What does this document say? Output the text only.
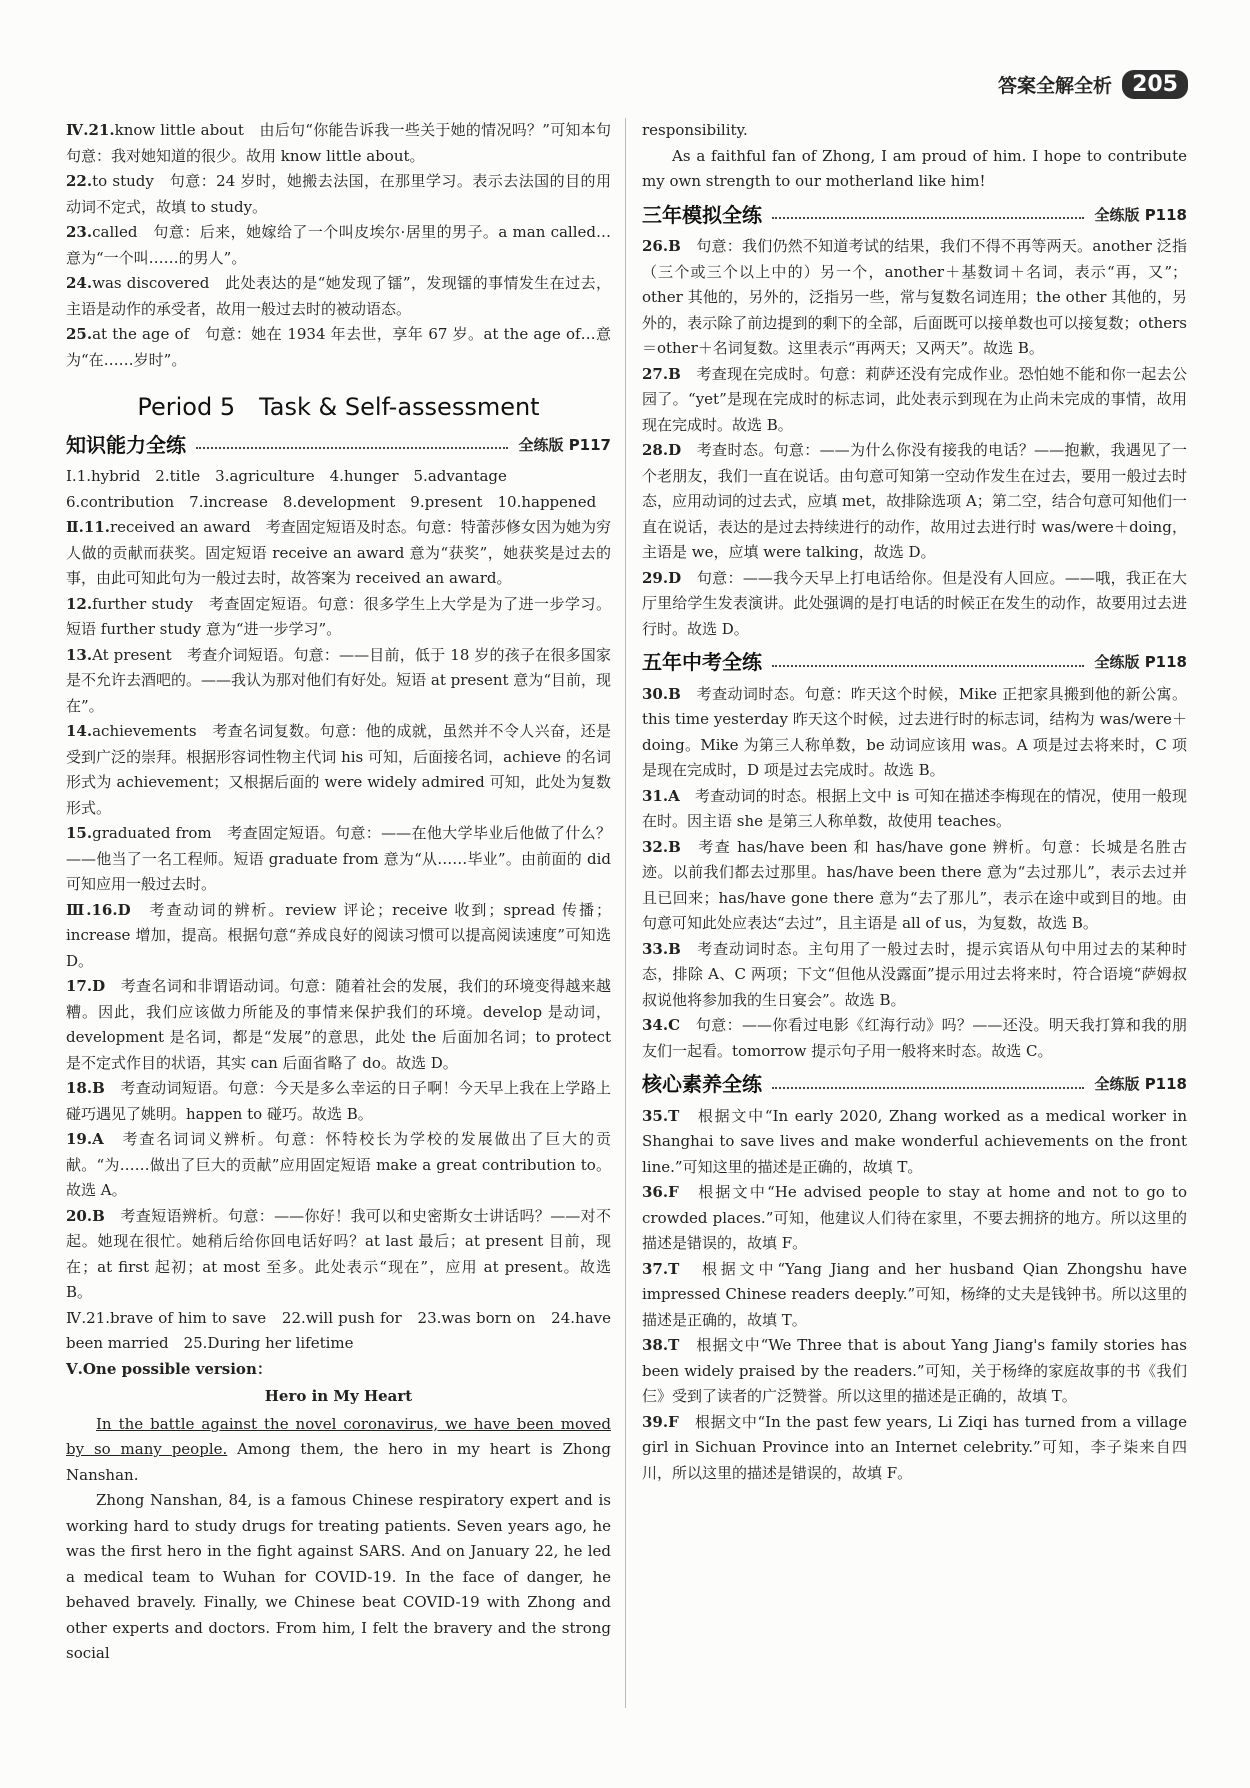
答案全解全析 205

Ⅳ.21.know little about　由后句“你能告诉我一些关于她的情况吗？”可知本句句意：我对她知道的很少。故用 know little about。

22.to study　句意：24 岁时，她搬去法国，在那里学习。表示去法国的目的用动词不定式，故填 to study。

23.called　句意：后来，她嫁给了一个叫皮埃尔·居里的男子。a man called…意为“一个叫……的男人”。

24.was discovered　此处表达的是“她发现了镭”，发现镭的事情发生在过去，主语是动作的承受者，故用一般过去时的被动语态。

25.at the age of　句意：她在 1934 年去世，享年 67 岁。at the age of…意为“在……岁时”。

Period 5　Task & Self-assessment
知识能力全练	全练版 P117

Ⅰ.1.hybrid　2.title　3.agriculture　4.hunger　5.advantage

6.contribution　7.increase　8.development　9.present　10.happened

Ⅱ.11.received an award　考查固定短语及时态。句意：特蕾莎修女因为她为穷人做的贡献而获奖。固定短语 receive an award 意为“获奖”，她获奖是过去的事，由此可知此句为一般过去时，故答案为 received an award。

12.further study　考查固定短语。句意：很多学生上大学是为了进一步学习。短语 further study 意为“进一步学习”。

13.At present　考查介词短语。句意：——目前，低于 18 岁的孩子在很多国家是不允许去酒吧的。——我认为那对他们有好处。短语 at present 意为“目前，现在”。

14.achievements　考查名词复数。句意：他的成就，虽然并不令人兴奋，还是受到广泛的崇拜。根据形容词性物主代词 his 可知，后面接名词，achieve 的名词形式为 achievement；又根据后面的 were widely admired 可知，此处为复数形式。

15.graduated from　考查固定短语。句意：——在他大学毕业后他做了什么？——他当了一名工程师。短语 graduate from 意为“从……毕业”。由前面的 did 可知应用一般过去时。

Ⅲ.16.D　 考查动词的辨析。review 评论；receive 收到；spread 传播；increase 增加，提高。根据句意“养成良好的阅读习惯可以提高阅读速度”可知选 D。

17.D　 考查名词和非谓语动词。句意：随着社会的发展，我们的环境变得越来越糟。因此，我们应该做力所能及的事情来保护我们的环境。develop 是动词，development 是名词，都是“发展”的意思，此处 the 后面加名词；to protect 是不定式作目的状语，其实 can 后面省略了 do。故选 D。

18.B　 考查动词短语。句意：今天是多么幸运的日子啊！今天早上我在上学路上碰巧遇见了姚明。happen to 碰巧。故选 B。

19.A　 考查名词词义辨析。句意：怀特校长为学校的发展做出了巨大的贡献。“为……做出了巨大的贡献”应用固定短语 make a great contribution to。故选 A。

20.B　 考查短语辨析。句意：——你好！我可以和史密斯女士讲话吗？——对不起。她现在很忙。她稍后给你回电话好吗？at last 最后；at present 目前，现在；at first 起初；at most 至多。此处表示“现在”，应用 at present。故选 B。

Ⅳ.21.brave of him to save　22.will push for　23.was born on　24.have been married　25.During her lifetime

Ⅴ.One possible version：

Hero in My Heart

In the battle against the novel coronavirus, we have been moved by so many people. Among them, the hero in my heart is Zhong Nanshan.

Zhong Nanshan, 84, is a famous Chinese respiratory expert and is working hard to study drugs for treating patients. Seven years ago, he was the first hero in the fight against SARS. And on January 22, he led a medical team to Wuhan for COVID-19. In the face of danger, he behaved bravely. Finally, we Chinese beat COVID-19 with Zhong and other experts and doctors. From him, I felt the bravery and the strong social

responsibility.

As a faithful fan of Zhong, I am proud of him. I hope to contribute my own strength to our motherland like him!

三年模拟全练	全练版 P118

26.B　 句意：我们仍然不知道考试的结果，我们不得不再等两天。another 泛指（三个或三个以上中的）另一个，another＋基数词＋名词，表示“再，又”；other 其他的，另外的，泛指另一些，常与复数名词连用；the other 其他的，另外的，表示除了前边提到的剩下的全部，后面既可以接单数也可以接复数；others＝other＋名词复数。这里表示“再两天；又两天”。故选 B。

27.B　 考查现在完成时。句意：莉萨还没有完成作业。恐怕她不能和你一起去公园了。“yet”是现在完成时的标志词，此处表示到现在为止尚未完成的事情，故用现在完成时。故选 B。

28.D　 考查时态。句意：——为什么你没有接我的电话？——抱歉，我遇见了一个老朋友，我们一直在说话。由句意可知第一空动作发生在过去，要用一般过去时态，应用动词的过去式，应填 met，故排除选项 A；第二空，结合句意可知他们一直在说话，表达的是过去持续进行的动作，故用过去进行时 was/were＋doing，主语是 we，应填 were talking，故选 D。

29.D　 句意：——我今天早上打电话给你。但是没有人回应。——哦，我正在大厅里给学生发表演讲。此处强调的是打电话的时候正在发生的动作，故要用过去进行时。故选 D。

五年中考全练	全练版 P118

30.B　 考查动词时态。句意：昨天这个时候，Mike 正把家具搬到他的新公寓。this time yesterday 昨天这个时候，过去进行时的标志词，结构为 was/were＋doing。Mike 为第三人称单数，be 动词应该用 was。A 项是过去将来时，C 项是现在完成时，D 项是过去完成时。故选 B。

31.A　 考查动词的时态。根据上文中 is 可知在描述李梅现在的情况，使用一般现在时。因主语 she 是第三人称单数，故使用 teaches。

32.B　 考查 has/have been 和 has/have gone 辨析。句意：长城是名胜古迹。以前我们都去过那里。has/have been there 意为“去过那儿”，表示去过并且已回来；has/have gone there 意为“去了那儿”，表示在途中或到目的地。由句意可知此处应表达“去过”，且主语是 all of us，为复数，故选 B。

33.B　 考查动词时态。主句用了一般过去时，提示宾语从句中用过去的某种时态，排除 A、C 两项；下文“但他从没露面”提示用过去将来时，符合语境“萨姆叔叔说他将参加我的生日宴会”。故选 B。

34.C　 句意：——你看过电影《红海行动》吗？——还没。明天我打算和我的朋友们一起看。tomorrow 提示句子用一般将来时态。故选 C。

核心素养全练	全练版 P118

35.T　 根据文中“In early 2020, Zhang worked as a medical worker in Shanghai to save lives and make wonderful achievements on the front line.”可知这里的描述是正确的，故填 T。

36.F　 根据文中“He advised people to stay at home and not to go to crowded places.”可知，他建议人们待在家里，不要去拥挤的地方。所以这里的描述是错误的，故填 F。

37.T　 根据文中“Yang Jiang and her husband Qian Zhongshu have impressed Chinese readers deeply.”可知，杨绛的丈夫是钱钟书。所以这里的描述是正确的，故填 T。

38.T　 根据文中“We Three that is about Yang Jiang's family stories has been widely praised by the readers.”可知，关于杨绛的家庭故事的书《我们仨》受到了读者的广泛赞誉。所以这里的描述是正确的，故填 T。

39.F　 根据文中“In the past few years, Li Ziqi has turned from a village girl in Sichuan Province into an Internet celebrity.”可知，李子柒来自四川，所以这里的描述是错误的，故填 F。
